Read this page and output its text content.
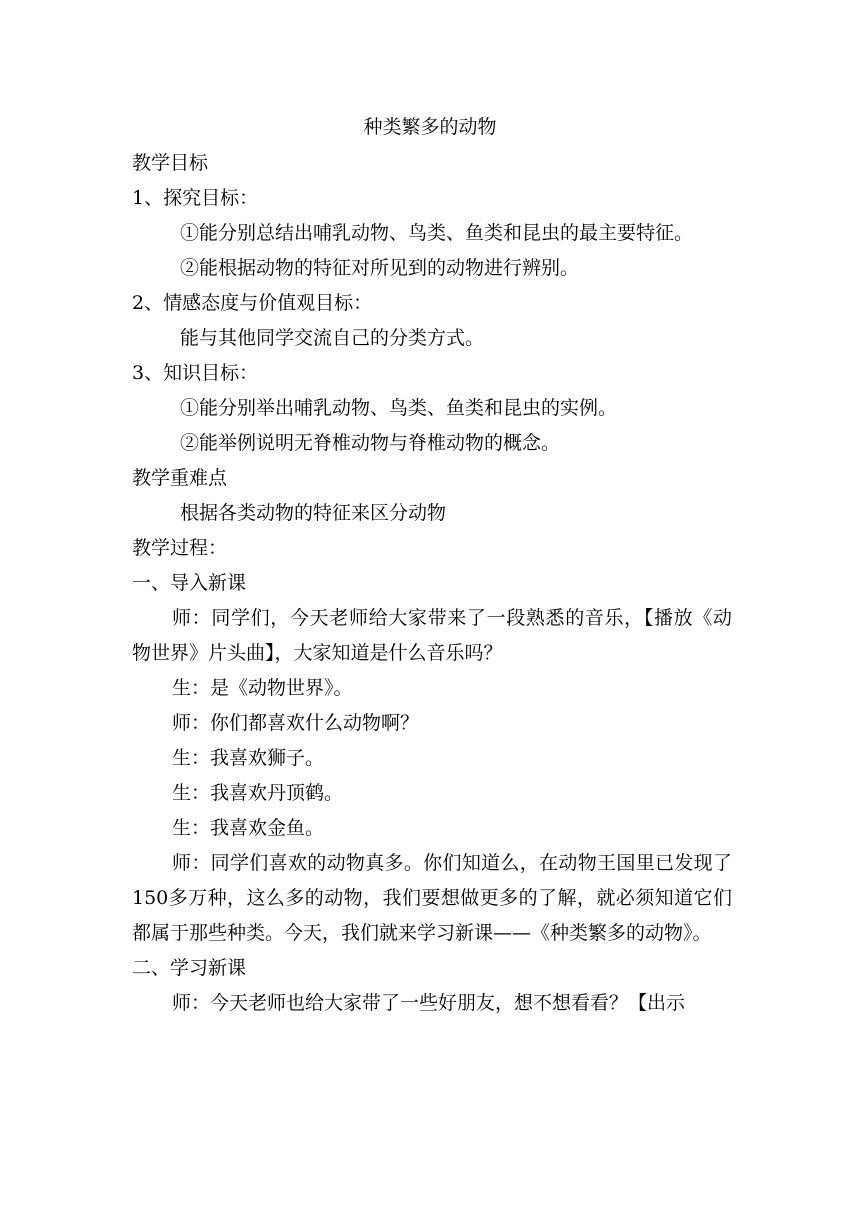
种类繁多的动物
教学目标
1、探究目标：
①能分别总结出哺乳动物、鸟类、鱼类和昆虫的最主要特征。
②能根据动物的特征对所见到的动物进行辨别。
2、情感态度与价值观目标：
能与其他同学交流自己的分类方式。
3、知识目标：
①能分别举出哺乳动物、鸟类、鱼类和昆虫的实例。
②能举例说明无脊椎动物与脊椎动物的概念。
教学重难点
根据各类动物的特征来区分动物
教学过程：
一、导入新课
师：同学们，今天老师给大家带来了一段熟悉的音乐，【播放《动物世界》片头曲】，大家知道是什么音乐吗？
生：是《动物世界》。
师：你们都喜欢什么动物啊？
生：我喜欢狮子。
生：我喜欢丹顶鹤。
生：我喜欢金鱼。
师：同学们喜欢的动物真多。你们知道么，在动物王国里已发现了150多万种，这么多的动物，我们要想做更多的了解，就必须知道它们都属于那些种类。今天，我们就来学习新课——《种类繁多的动物》。
二、学习新课
师：今天老师也给大家带了一些好朋友，想不想看看？【出示
